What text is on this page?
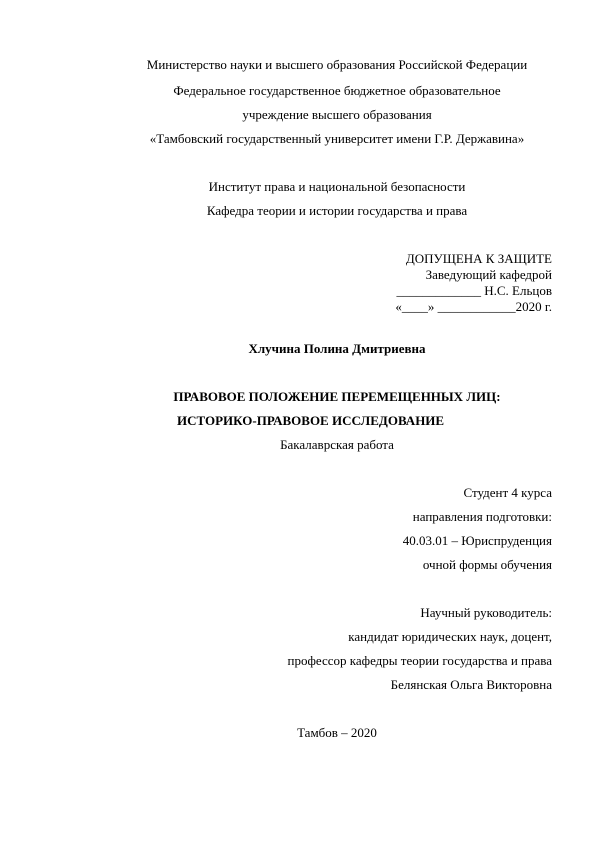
Министерство науки и высшего образования Российской Федерации
Федеральное государственное бюджетное образовательное
учреждение высшего образования
«Тамбовский государственный университет имени Г.Р. Державина»
Институт права и национальной безопасности
Кафедра теории и истории государства и права
ДОПУЩЕНА К ЗАЩИТЕ
Заведующий кафедрой
_____________ Н.С. Ельцов
«____» ____________2020 г.
Хлучина Полина Дмитриевна
ПРАВОВОЕ ПОЛОЖЕНИЕ ПЕРЕМЕЩЕННЫХ ЛИЦ:
ИСТОРИКО-ПРАВОВОЕ ИССЛЕДОВАНИЕ
Бакалаврская работа
Студент 4 курса
направления подготовки:
40.03.01 – Юриспруденция
очной формы обучения
Научный руководитель:
кандидат юридических наук, доцент,
профессор кафедры теории государства и права
Белянская Ольга Викторовна
Тамбов – 2020
